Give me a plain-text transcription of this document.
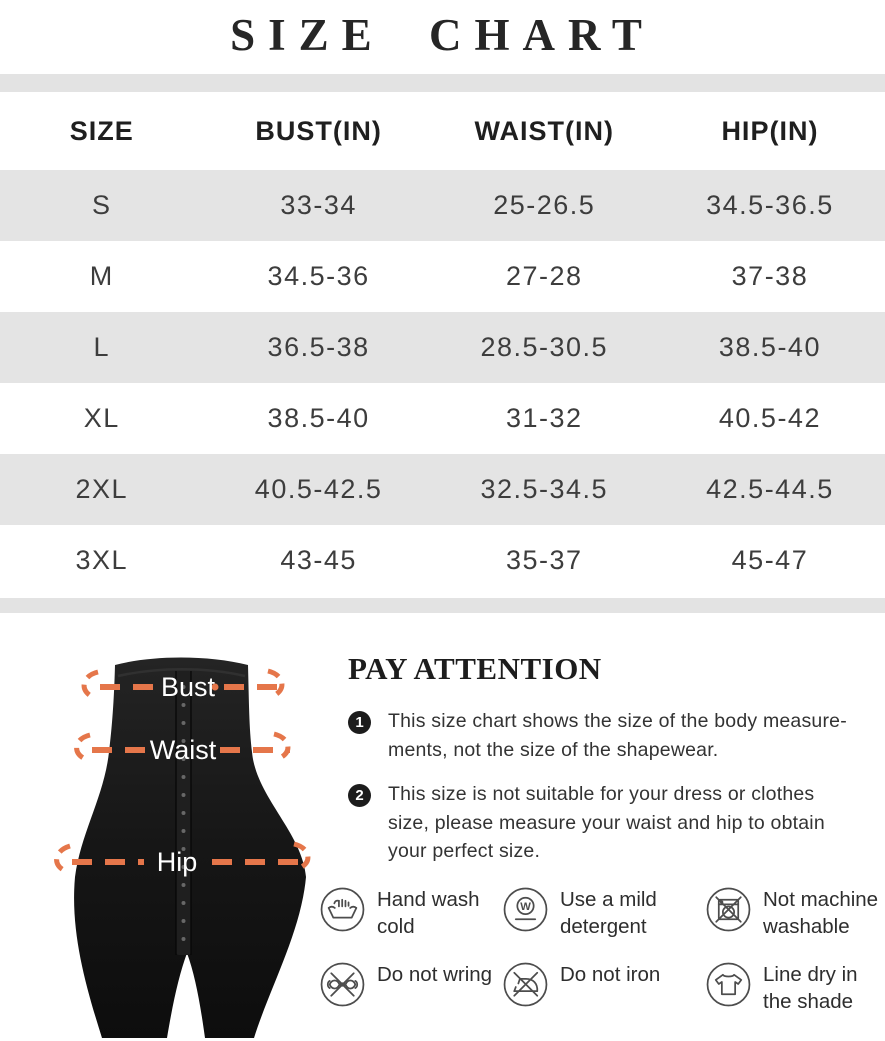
SIZE CHART
SIZE	BUST(IN)	WAIST(IN)	HIP(IN)
S	33-34	25-26.5	34.5-36.5
M	34.5-36	27-28	37-38
L	36.5-38	28.5-30.5	38.5-40
XL	38.5-40	31-32	40.5-42
2XL	40.5-42.5	32.5-34.5	42.5-44.5
3XL	43-45	35-37	45-47
Bust
Waist
Hip
PAY ATTENTION
1	This size chart shows the size of the body measure-ments, not the size of the shapewear.
2	This size is not suitable for your dress or clothes size, please measure your waist and hip to obtain your perfect size.
Hand wash cold
W Use a mild detergent
Not machine washable
Do not wring	Do not iron	Line dry in the shade
